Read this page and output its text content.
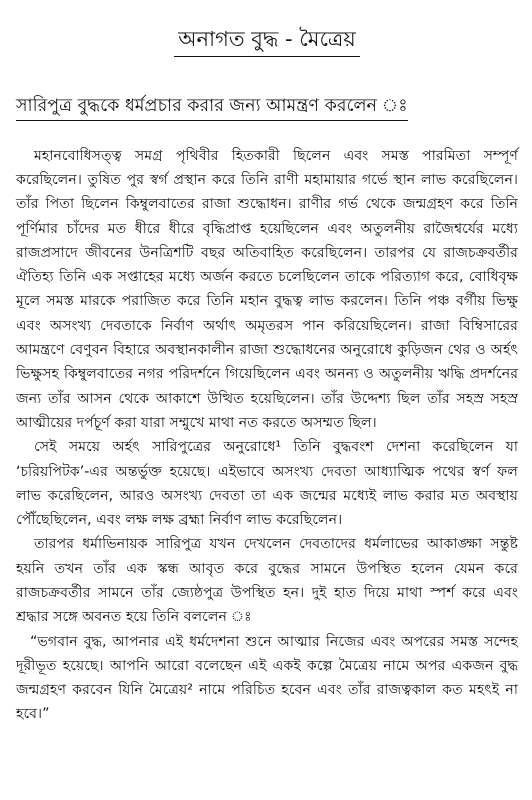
অনাগত বুদ্ধ - মৈত্রেয়
সারিপুত্র বুদ্ধকে ধর্মপ্রচার করার জন্য আমন্ত্রণ করলেন ঃ

মহানবোধিসত্ত্ব সমগ্র পৃথিবীর হিতকারী ছিলেন এবং সমস্ত পারমিতা সম্পূর্ণ করেছিলেন। তুষিত পুর স্বর্গ প্রস্থান করে তিনি রাণী মহামায়ার গর্ভে স্থান লাভ করেছিলেন। তাঁর পিতা ছিলেন কিম্বুলবাতের রাজা শুদ্ধোধন। রাণীর গর্ভ থেকে জন্মগ্রহণ করে তিনি পূর্ণিমার চাঁদের মত ধীরে ধীরে বৃদ্ধিপ্রাপ্ত হয়েছিলেন এবং অতুলনীয় রাজৈশ্বর্যের মধ্যে রাজপ্রসাদে জীবনের উনত্রিশটি বছর অতিবাহিত করেছিলেন। তারপর যে রাজচক্রবর্তীর ঐতিহ্য তিনি এক সপ্তাহের মধ্যে অর্জন করতে চলেছিলেন তাকে পরিত্যাগ করে, বোধিবৃক্ষ মূলে সমস্ত মারকে পরাজিত করে তিনি মহান বুদ্ধত্ব লাভ করলেন। তিনি পঞ্চ বর্গীয় ভিক্ষু এবং অসংখ্য দেবতাকে নির্বাণ অর্থাৎ অমৃতরস পান করিয়েছিলেন। রাজা বিম্বিসারের আমন্ত্রণে বেণুবন বিহারে অবস্থানকালীন রাজা শুদ্ধোধনের অনুরোধে কুড়িজন থের ও অর্হৎ ভিক্ষুসহ কিম্বুলবাতের নগর পরিদর্শনে গিয়েছিলেন এবং অনন্য ও অতুলনীয় ঋদ্ধি প্রদর্শনের জন্য তাঁর আসন থেকে আকাশে উত্থিত হয়েছিলেন। তাঁর উদ্দেশ্য ছিল তাঁর সহস্র সহস্র আত্মীয়ের দর্পচূর্ণ করা যারা সম্মুখে মাথা নত করতে অসম্মত ছিল।

সেই সময়ে অর্হৎ সারিপুত্রের অনুরোধে¹ তিনি বুদ্ধবংশ দেশনা করেছিলেন যা ‘চরিয়পিটক’-এর অন্তর্ভুক্ত হয়েছে। এইভাবে অসংখ্য দেবতা আধ্যাত্মিক পথের স্বর্ণ ফল লাভ করেছিলেন, আরও অসংখ্য দেবতা তা এক জন্মের মধ্যেই লাভ করার মত অবস্থায় পৌঁছেছিলেন, এবং লক্ষ লক্ষ ব্রহ্মা নির্বাণ লাভ করেছিলেন।

তারপর ধর্মাভিনায়ক সারিপুত্র যখন দেখলেন দেবতাদের ধর্মলাভের আকাঙ্ক্ষা সন্তুষ্ট হয়নি তখন তাঁর এক স্কন্ধ আবৃত করে বুদ্ধের সামনে উপস্থিত হলেন যেমন করে রাজচক্রবর্তীর সামনে তাঁর জ্যেষ্ঠপুত্র উপস্থিত হন। দুই হাত দিয়ে মাথা স্পর্শ করে এবং শ্রদ্ধার সঙ্গে অবনত হয়ে তিনি বললেন ঃ

“ভগবান বুদ্ধ, আপনার এই ধর্মদেশনা শুনে আত্মার নিজের এবং অপরের সমস্ত সন্দেহ দূরীভূত হয়েছে। আপনি আরো বলেছেন এই একই কল্পে মৈত্রেয় নামে অপর একজন বুদ্ধ জন্মগ্রহণ করবেন যিনি মৈত্রেয়² নামে পরিচিত হবেন এবং তাঁর রাজত্বকাল কত মহৎই না হবে।”
